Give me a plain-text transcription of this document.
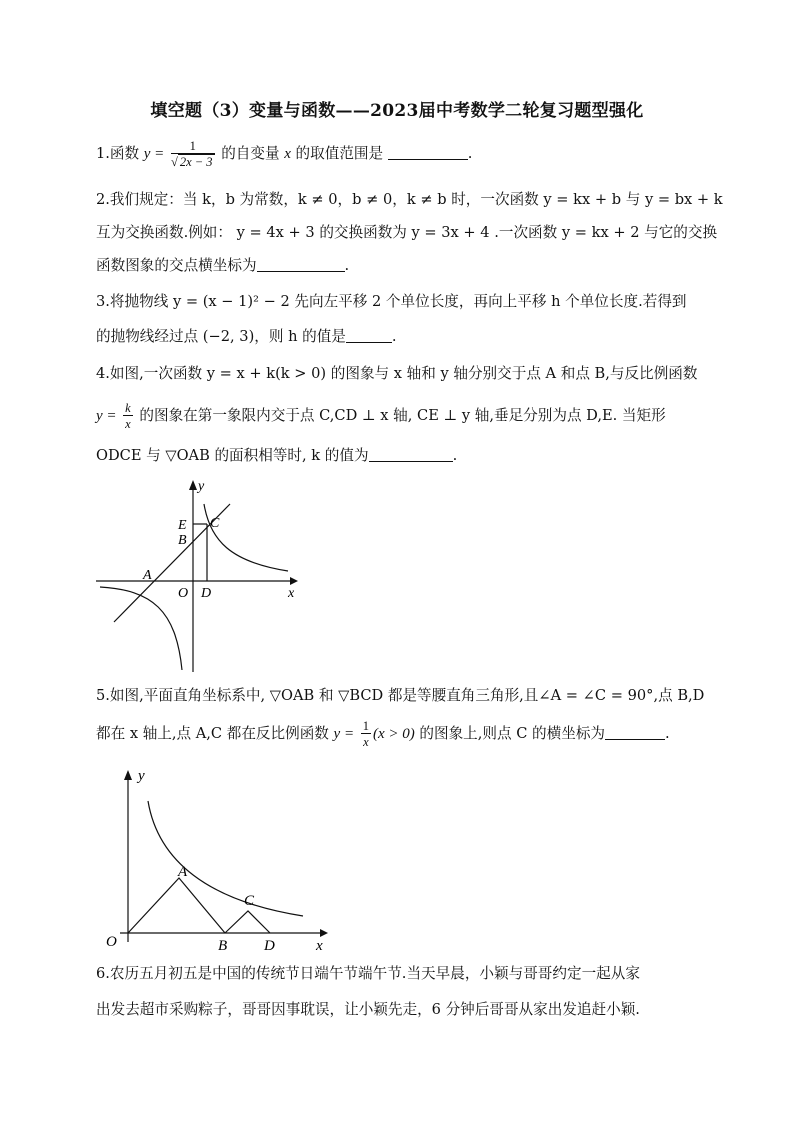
填空题（3）变量与函数——2023届中考数学二轮复习题型强化
1.函数 $y = \frac{1}{√ 2x - 3}$ 的自变量 x 的取值范围是	.
2.我们规定：当 k，b 为常数，k ≠ 0，b ≠ 0，k ≠ b 时，一次函数 y = kx + b 与 y = bx + k
互为交换函数.例如： y = 4x + 3 的交换函数为 y = 3x + 4 .一次函数 y = kx + 2 与它的交换
函数图象的交点横坐标为	.
3.将抛物线 y = (x − 1)² − 2 先向左平移 2 个单位长度，再向上平移 h 个单位长度.若得到
的抛物线经过点 (−2, 3)，则 h 的值是	.
4.如图,一次函数 y = x + k(k > 0) 的图象与 x 轴和 y 轴分别交于点 A 和点 B,与反比例函数
$y = \frac{k}{x}$ 的图象在第一象限内交于点 C,CD ⊥ x 轴, CE ⊥ y 轴,垂足分别为点 D,E. 当矩形
ODCE 与 ▽OAB 的面积相等时, k 的值为	.
y
E C
B
A
O D	x
5.如图,平面直角坐标系中, ▽OAB 和 ▽BCD 都是等腰直角三角形,且∠A = ∠C = 90°,点 B,D
都在 x 轴上,点 A,C 都在反比例函数 $y = \frac{1}{x} (x > 0)$ 的图象上,则点 C 的横坐标为	.
y
A
C
O	B D	x
6.农历五月初五是中国的传统节日端午节端午节.当天早晨，小颖与哥哥约定一起从家
出发去超市采购粽子，哥哥因事耽误，让小颖先走，6 分钟后哥哥从家出发追赶小颖.
